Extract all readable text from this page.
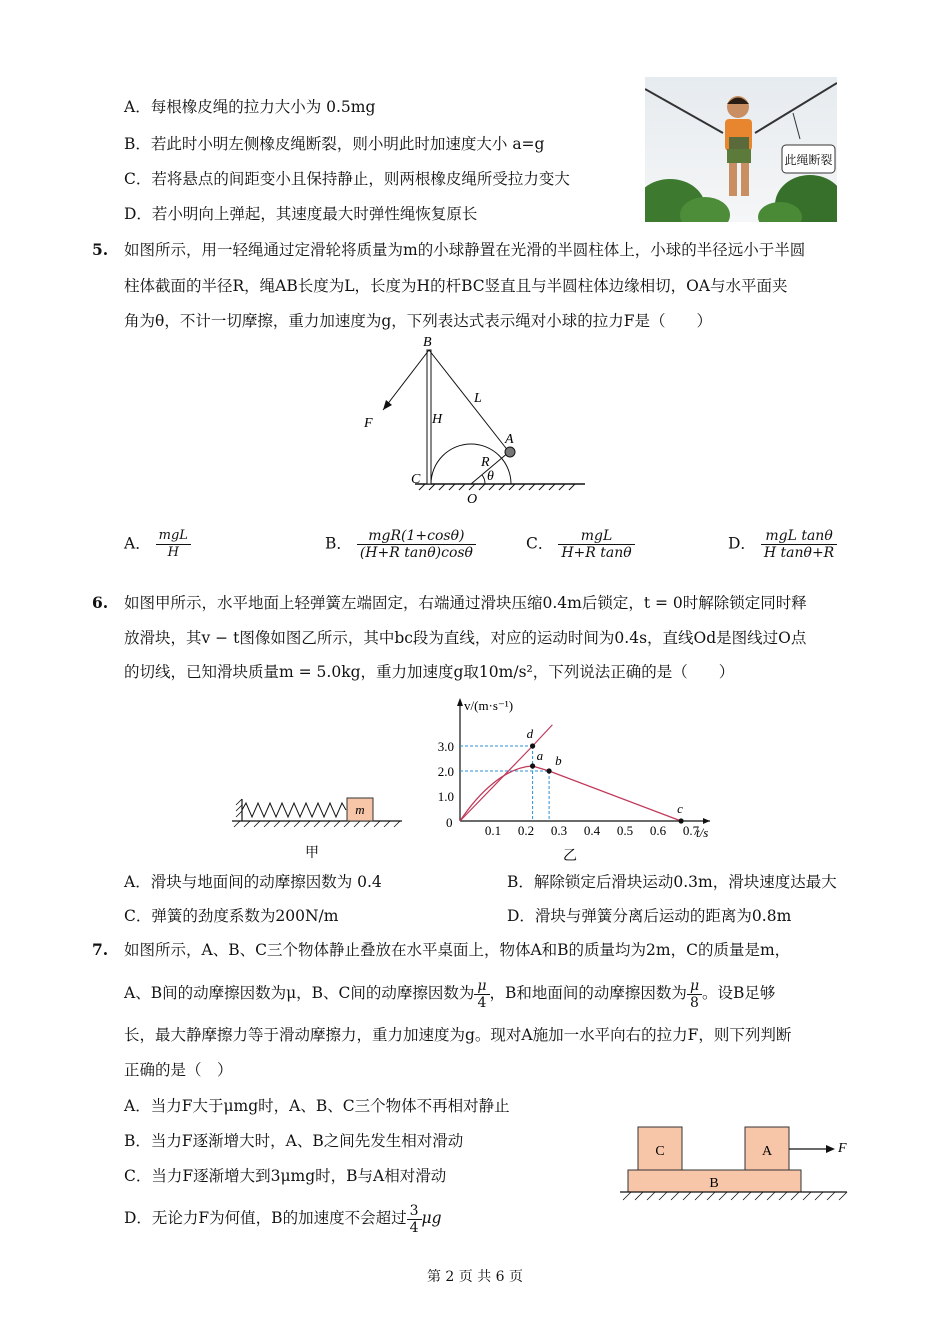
A．每根橡皮绳的拉力大小为 0.5mg
B．若此时小明左侧橡皮绳断裂，则小明此时加速度大小 a=g
C．若将悬点的间距变小且保持静止，则两根橡皮绳所受拉力变大
D．若小明向上弹起，其速度最大时弹性绳恢复原长
此绳断裂
5. 如图所示，用一轻绳通过定滑轮将质量为m的小球静置在光滑的半圆柱体上，小球的半径远小于半圆
柱体截面的半径R，绳AB长度为L，长度为H的杆BC竖直且与半圆柱体边缘相切，OA与水平面夹
角为θ，不计一切摩擦，重力加速度为g，下列表达式表示绳对小球的拉力F是（　　）
B
L
F	H
A
R
θ
C
O
A． $\frac{\text{mgL}}{H}$	B． $\frac{\text{mgR(1+cosθ)}}{\text{(H+R tanθ)cosθ}}$	C． $\frac{\text{mgL}}{\text{H+R tanθ}}$	D． $\frac{\text{mgL tanθ}}{\text{H tanθ+R}}$
6. 如图甲所示，水平地面上轻弹簧左端固定，右端通过滑块压缩0.4m后锁定，t = 0时解除锁定同时释
放滑块，其v − t图像如图乙所示，其中bc段为直线，对应的运动时间为0.4s，直线Od是图线过O点
的切线，已知滑块质量m = 5.0kg，重力加速度g取10m/s²，下列说法正确的是（　　）
m
甲
v/(m·s⁻¹)
t/s
0
0.1 0.2 0.3 0.4 0.5 0.6 0.7
1.0
2.0
3.0
d
a b
c
乙
A．滑块与地面间的动摩擦因数为 0.4	B．解除锁定后滑块运动0.3m，滑块速度达最大
C．弹簧的劲度系数为200N/m	D．滑块与弹簧分离后运动的距离为0.8m
7. 如图所示，A、B、C三个物体静止叠放在水平桌面上，物体A和B的质量均为2m，C的质量是m，
A、B间的动摩擦因数为μ，B、C间的动摩擦因数为 $\frac{\mu}{4}$ ，B和地面间的动摩擦因数为 $\frac{\mu}{8}$ 。设B足够
长，最大静摩擦力等于滑动摩擦力，重力加速度为g。现对A施加一水平向右的拉力F，则下列判断
正确的是（　）
A．当力F大于μmg时，A、B、C三个物体不再相对静止
B．当力F逐渐增大时，A、B之间先发生相对滑动
C．当力F逐渐增大到3μmg时，B与A相对滑动
D．无论力F为何值，B的加速度不会超过 $\frac{3}{4}$ μg
C	A
B
F
第 2 页 共 6 页
